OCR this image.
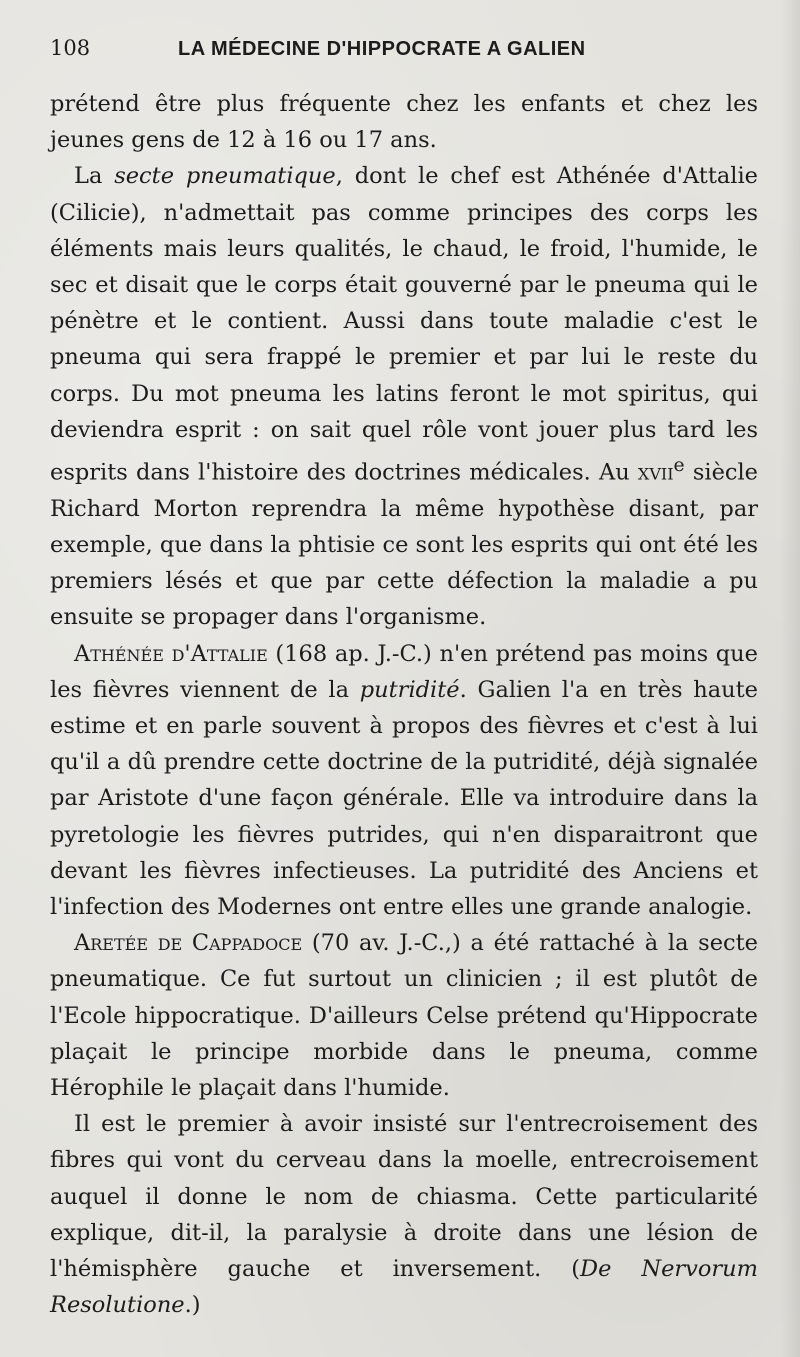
108	LA MÉDECINE D'HIPPOCRATE A GALIEN

prétend être plus fréquente chez les enfants et chez les jeunes gens de 12 à 16 ou 17 ans.

La secte pneumatique, dont le chef est Athénée d'Attalie (Cilicie), n'admettait pas comme principes des corps les éléments mais leurs qualités, le chaud, le froid, l'humide, le sec et disait que le corps était gouverné par le pneuma qui le pénètre et le contient. Aussi dans toute maladie c'est le pneuma qui sera frappé le premier et par lui le reste du corps. Du mot pneuma les latins feront le mot spiritus, qui deviendra esprit : on sait quel rôle vont jouer plus tard les esprits dans l'histoire des doctrines médicales. Au xvii$^e$ siècle Richard Morton reprendra la même hypothèse disant, par exemple, que dans la phtisie ce sont les esprits qui ont été les premiers lésés et que par cette défection la maladie a pu ensuite se propager dans l'organisme.

Athénée d'Attalie (168 ap. J.-C.) n'en prétend pas moins que les fièvres viennent de la putridité. Galien l'a en très haute estime et en parle souvent à propos des fièvres et c'est à lui qu'il a dû prendre cette doctrine de la putridité, déjà signalée par Aristote d'une façon générale. Elle va introduire dans la pyretologie les fièvres putrides, qui n'en disparaitront que devant les fièvres infectieuses. La putridité des Anciens et l'infection des Modernes ont entre elles une grande analogie.

Aretée de Cappadoce (70 av. J.-C.,) a été rattaché à la secte pneumatique. Ce fut surtout un clinicien ; il est plutôt de l'Ecole hippocratique. D'ailleurs Celse prétend qu'Hippocrate plaçait le principe morbide dans le pneuma, comme Hérophile le plaçait dans l'humide.

Il est le premier à avoir insisté sur l'entrecroisement des fibres qui vont du cerveau dans la moelle, entrecroisement auquel il donne le nom de chiasma. Cette particularité explique, dit-il, la paralysie à droite dans une lésion de l'hémisphère gauche et inversement. (De Nervorum Resolutione.)
